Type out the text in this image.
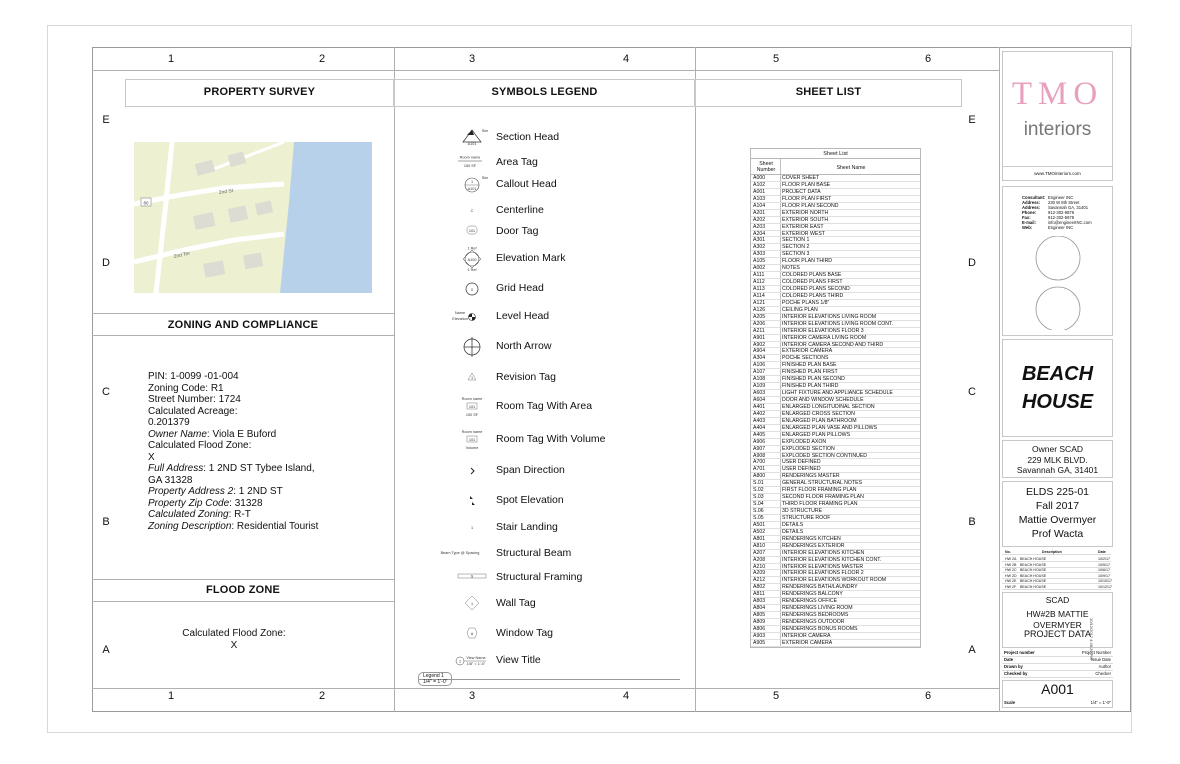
1	2	3	4	5	6
1	2	3	4	5	6
E
D
C
B
A
E
D
C
B
A
PROPERTY SURVEY	SYMBOLS LEGEND	SHEET LIST
80
2nd St
2nd Ter
ZONING AND COMPLIANCE
PIN: 1-0099 -01-004
Zoning Code: R1
Street Number: 1724
Calculated Acreage:
0.201379
Owner Name: Viola E Buford
Calculated Flood Zone:
X
Full Address: 1 2ND ST Tybee Island,
GA 31328
Property Address 2: 1 2ND ST
Property Zip Code: 31328
Calculated Zoning: R-T
Zoning Description: Residential Tourist
FLOOD ZONE
Calculated Flood Zone:
X
A101
Sim Section Head
Room name
150 SF Area Tag
1
A101
Sim Callout Head
C Centerline
101 Door Tag
1 Ref
A100
1 Ref
Elevation Mark
0 Grid Head
Name
Elevation	Level Head
North Arrow
1 Revision Tag
Room name
101
150 SF
Room Tag With Area
Room name
101
Volume
Room Tag With Volume
Span Direction
Spot Elevation
1 Stair Landing
Beam Type @ Spacing Structural Beam
S Structural Framing
1 Wall Tag
A Window Tag
1
View Name
1/8" = 1'-0" View Title
Legend 1
1/4" = 1'-0"
Sheet List
Sheet Number	Sheet Name
A000	COVER SHEET
A102	FLOOR PLAN BASE
A001	PROJECT DATA
A103	FLOOR PLAN FIRST
A104	FLOOR PLAN SECOND
A201	EXTERIOR NORTH
A202	EXTERIOR SOUTH
A203	EXTERIOR EAST
A204	EXTERIOR WEST
A301	SECTION 1
A302	SECTION 2
A303	SECTION 3
A105	FLOOR PLAN THIRD
A002	NOTES
A111	COLORED PLANS BASE
A112	COLORED PLANS FIRST
A113	COLORED PLANS SECOND
A114	COLORED PLANS THIRD
A121	POCHE PLANS 1/8"
A126	CEILING PLAN
A205	INTERIOR ELEVATIONS LIVING ROOM
A206	INTERIOR ELEVATIONS LIVING ROOM CONT.
A211	INTERIOR ELEVATIONS FLOOR 3
A901	INTERIOR CAMERA LIVING ROOM
A902	INTERIOR CAMERA SECOND AND THIRD
A904	EXTERIOR CAMERA
A304	POCHE SECTIONS
A106	FINISHED PLAN BASE
A107	FINISHED PLAN FIRST
A108	FINISHED PLAN SECOND
A109	FINISHED PLAN THIRD
A603	LIGHT FIXTURE AND APPLIANCE SCHEDULE
A604	DOOR AND WINDOW SCHEDULE
A401	ENLARGED LONGITUDINAL SECTION
A402	ENLARGED CROSS SECTION
A403	ENLARGED PLAN BATHROOM
A404	ENLARGED PLAN VASE AND PILLOWS
A405	ENLARGED PLAN PILLOWS
A906	EXPLODED AXON
A907	EXPLODED SECTION
A908	EXPLODED SECTION CONTINUED
A700	USER DEFINED
A701	USER DEFINED
A800	RENDERINGS MASTER
S.01	GENERAL STRUCTURAL NOTES
S.02	FIRST FLOOR FRAMING PLAN
S.03	SECOND FLOOR FRAMING PLAN
S.04	THIRD FLOOR FRAMING PLAN
S.06	3D STRUCTURE
S.05	STRUCTURE ROOF
A501	DETAILS
A502	DETAILS
A801	RENDERINGS KITCHEN
A810	RENDERINGS EXTERIOR
A207	INTERIOR ELEVATIONS KITCHEN
A208	INTERIOR ELEVATIONS KITCHEN CONT.
A210	INTERIOR ELEVATIONS MASTER
A209	INTERIOR ELEVATIONS FLOOR 2
A212	INTERIOR ELEVATIONS WORKOUT ROOM
A802	RENDERINGS BATH/LAUNDRY
A811	RENDERINGS BALCONY
A803	RENDERINGS OFFICE
A804	RENDERINGS LIVING ROOM
A805	RENDERINGS BEDROOMS
A809	RENDERINGS OUTDOOR
A806	RENDERINGS BONUS ROOMS
A903	INTERIOR CAMERA
A905	EXTERIOR CAMERA
TMO
interiors
www.TMOinteriors.com
Consultant: Engineer INC
Address: 230 W 8th Street
Address: Savannah GA, 31401
Phone:	912-302-9876
Fax:	912-302-5678
E-mail:	info@engineerINC.com
Web:	Engineer INC
BEACH
HOUSE
Owner SCAD
229 MLK BLVD.
Savannah GA, 31401
ELDS 225-01
Fall 2017
Mattie Overmyer
Prof Wacta
No.	Description	Date
HW 2A BEACH HOUSE	10/2/17
HW 2B BEACH HOUSE	10/5/17
HW 2C BEACH HOUSE	10/6/17
HW 2D BEACH HOUSE	10/9/17
HW 2E BEACH HOUSE	10/10/17
HW 2F BEACH HOUSE	10/12/17
SCAD
HW#2B MATTIE OVERMYER
PROJECT DATA
Project number	Project Number
Date	Issue Date
Drawn by	Author
Checked by	Checker
A001
Scale	1/4" = 1'-0"
10/12/2017 4:38:26 PM
